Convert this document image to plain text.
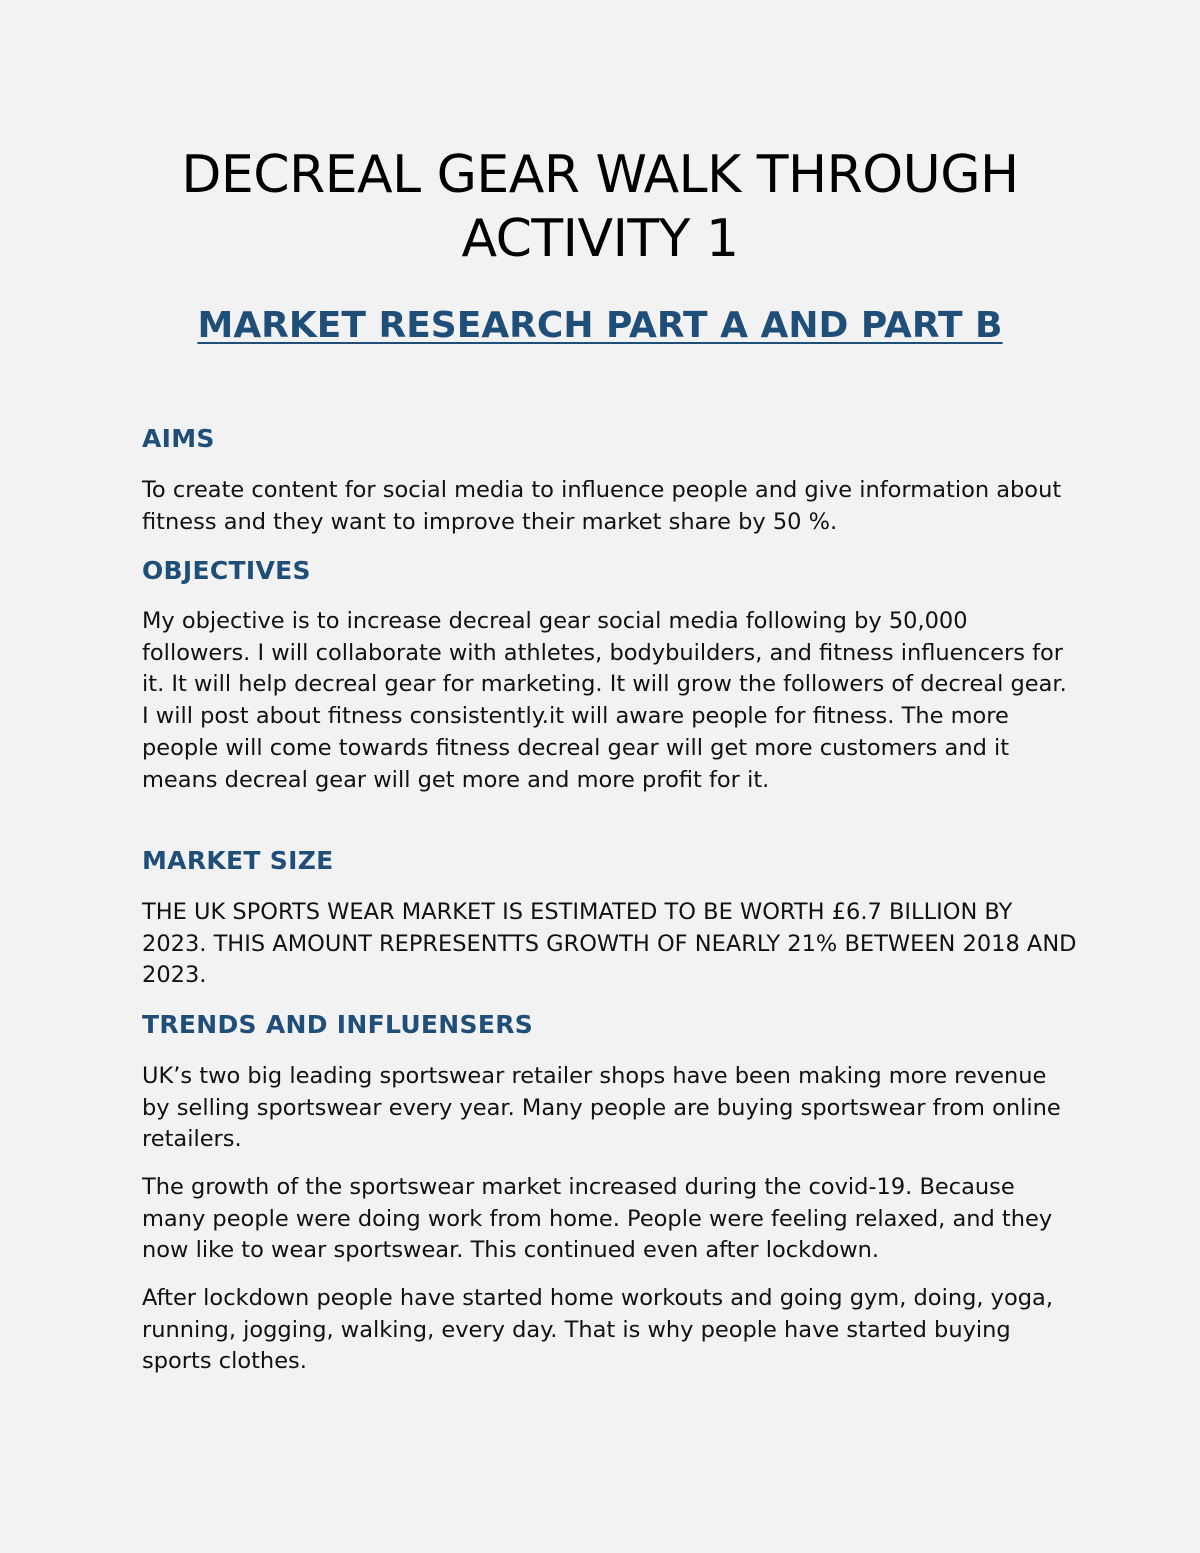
DECREAL GEAR WALK THROUGH
ACTIVITY 1
MARKET RESEARCH PART A AND PART B
AIMS

To create content for social media to influence people and give information about fitness and they want to improve their market share by 50 %.

OBJECTIVES

My objective is to increase decreal gear social media following by 50,000 followers. I will collaborate with athletes, bodybuilders, and fitness influencers for it. It will help decreal gear for marketing. It will grow the followers of decreal gear. I will post about fitness consistently.it will aware people for fitness. The more people will come towards fitness decreal gear will get more customers and it means decreal gear will get more and more profit for it.

MARKET SIZE

THE UK SPORTS WEAR MARKET IS ESTIMATED TO BE WORTH £6.7 BILLION BY 2023. THIS AMOUNT REPRESENTTS GROWTH OF NEARLY 21% BETWEEN 2018 AND 2023.

TRENDS AND INFLUENSERS

UK’s two big leading sportswear retailer shops have been making more revenue by selling sportswear every year. Many people are buying sportswear from online retailers.

The growth of the sportswear market increased during the covid-19. Because many people were doing work from home. People were feeling relaxed, and they now like to wear sportswear. This continued even after lockdown.

After lockdown people have started home workouts and going gym, doing, yoga, running, jogging, walking, every day. That is why people have started buying sports clothes.
